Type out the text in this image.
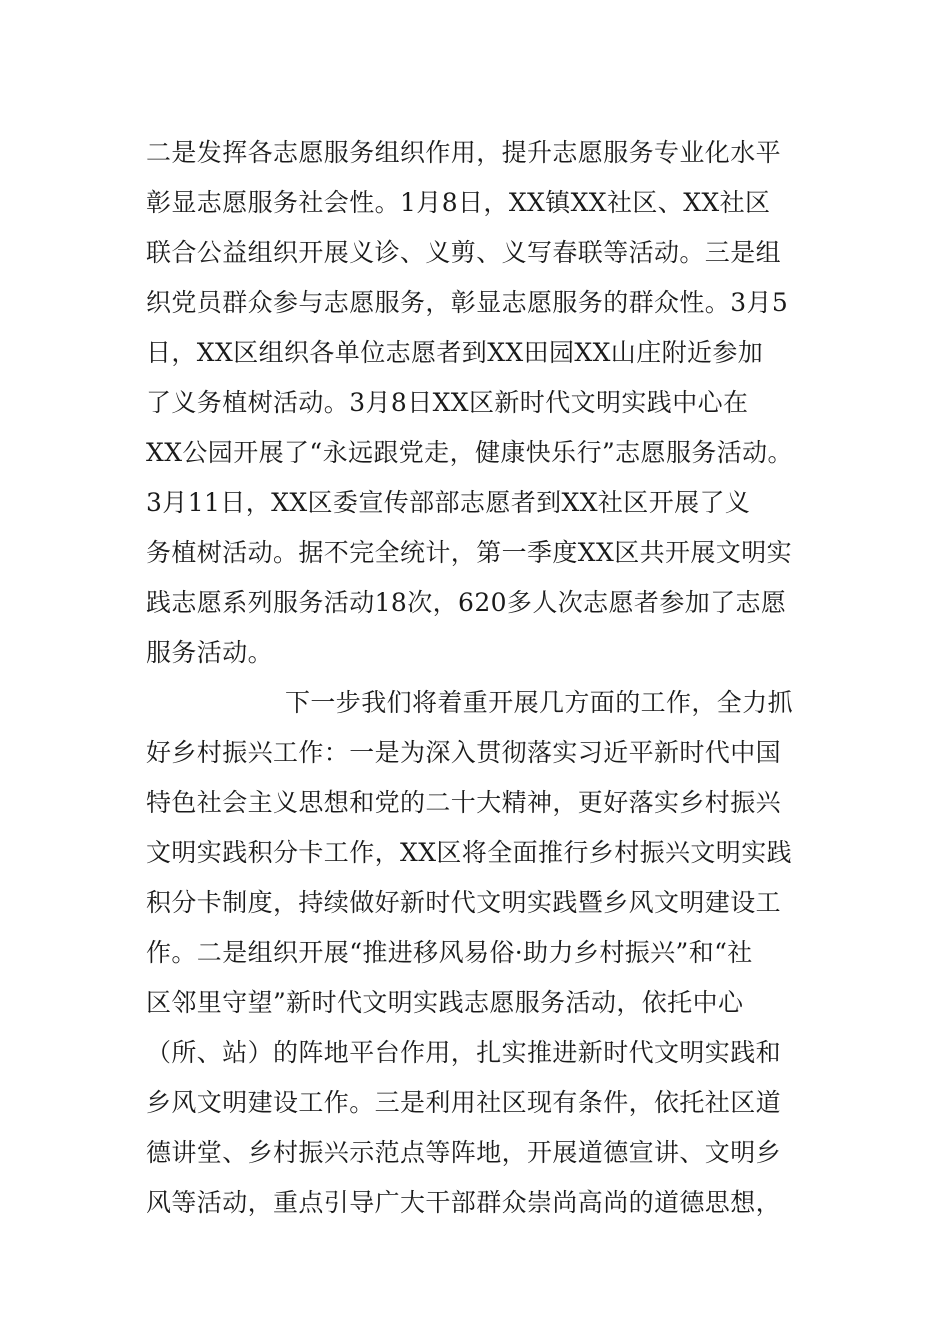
二是发挥各志愿服务组织作用，提升志愿服务专业化水平
彰显志愿服务社会性。1月8日，XX镇XX社区、XX社区
联合公益组织开展义诊、义剪、义写春联等活动。三是组
织党员群众参与志愿服务，彰显志愿服务的群众性。3月5
日，XX区组织各单位志愿者到XX田园XX山庄附近参加
了义务植树活动。3月8日XX区新时代文明实践中心在
XX公园开展了“永远跟党走，健康快乐行”志愿服务活动。
3月11日，XX区委宣传部部志愿者到XX社区开展了义
务植树活动。据不完全统计，第一季度XX区共开展文明实
践志愿系列服务活动18次，620多人次志愿者参加了志愿
服务活动。
下一步我们将着重开展几方面的工作，全力抓
好乡村振兴工作：一是为深入贯彻落实习近平新时代中国
特色社会主义思想和党的二十大精神，更好落实乡村振兴
文明实践积分卡工作，XX区将全面推行乡村振兴文明实践
积分卡制度，持续做好新时代文明实践暨乡风文明建设工
作。二是组织开展“推进移风易俗·助力乡村振兴”和“社
区邻里守望”新时代文明实践志愿服务活动，依托中心
（所、站）的阵地平台作用，扎实推进新时代文明实践和
乡风文明建设工作。三是利用社区现有条件，依托社区道
德讲堂、乡村振兴示范点等阵地，开展道德宣讲、文明乡
风等活动，重点引导广大干部群众崇尚高尚的道德思想，
